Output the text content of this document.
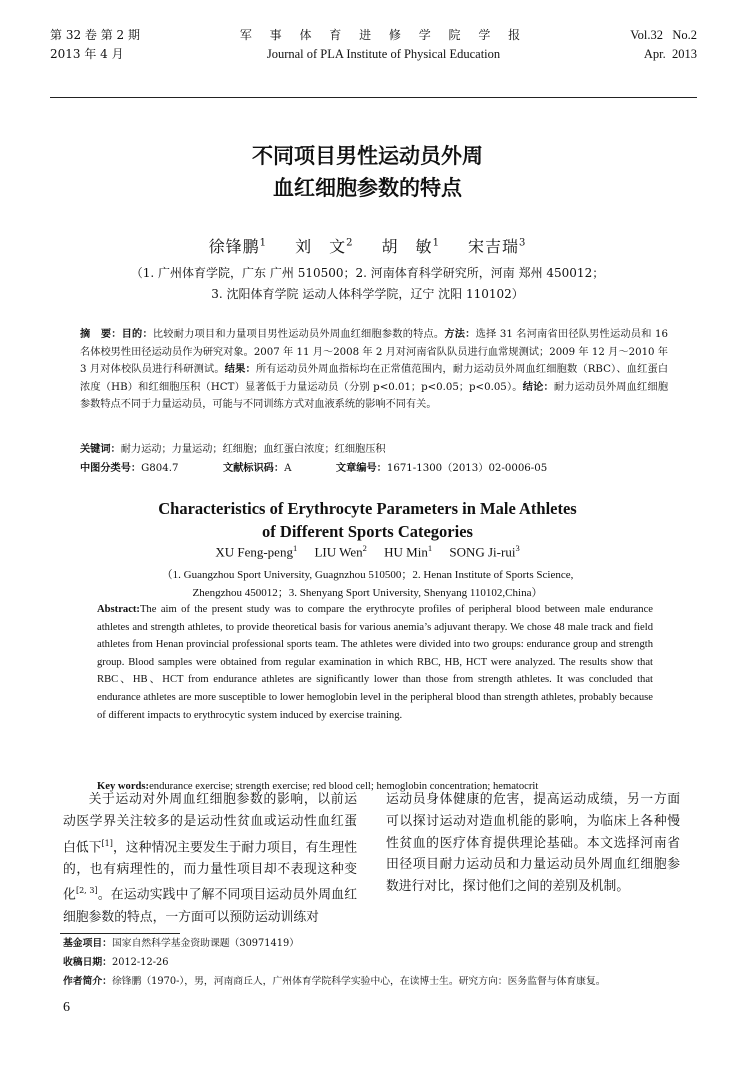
第 32 卷 第 2 期
2013 年 4 月
军 事 体 育 进 修 学 院 学 报
Journal of PLA Institute of Physical Education
Vol.32   No.2
Apr.  2013
不同项目男性运动员外周
血红细胞参数的特点
徐锋鹏$^1$ 刘　文$^2$ 胡　敏$^1$ 宋吉瑞$^3$
（1. 广州体育学院，广东 广州 510500；2. 河南体育科学研究所，河南 郑州 450012；
3. 沈阳体育学院 运动人体科学学院，辽宁 沈阳 110102）
摘　要：目的：比较耐力项目和力量项目男性运动员外周血红细胞参数的特点。方法：选择 31 名河南省田径队男性运动员和 16 名体校男性田径运动员作为研究对象。2007 年 11 月～2008 年 2 月对河南省队队员进行血常规测试；2009 年 12 月～2010 年 3 月对体校队员进行科研测试。结果：所有运动员外周血指标均在正常值范围内，耐力运动员外周血红细胞数（RBC）、血红蛋白浓度（HB）和红细胞压积（HCT）显著低于力量运动员（分别 p<0.01；p<0.05；p<0.05）。结论：耐力运动员外周血红细胞参数特点不同于力量运动员，可能与不同训练方式对血液系统的影响不同有关。
关键词：耐力运动；力量运动；红细胞；血红蛋白浓度；红细胞压积
中图分类号：G804.7	文献标识码：A	文章编号：1671-1300（2013）02-0006-05
Characteristics of Erythrocyte Parameters in Male Athletes
of Different Sports Categories
XU Feng-peng$^1$ LIU Wen$^2$ HU Min$^1$ SONG Ji-rui$^3$
（1. Guangzhou Sport University, Guagnzhou 510500；2. Henan Institute of Sports Science,
Zhengzhou 450012；3. Shenyang Sport University, Shenyang 110102,China）
Abstract:The aim of the present study was to compare the erythrocyte profiles of peripheral blood between male endurance athletes and strength athletes, to provide theoretical basis for various anemia’s adjuvant therapy. We chose 48 male track and field athletes from Henan provincial professional sports team. The athletes were divided into two groups: endurance group and strength group. Blood samples were obtained from regular examination in which RBC, HB, HCT were analyzed. The results show that RBC、HB、HCT from endurance athletes are significantly lower than those from strength athletes. It was concluded that endurance athletes are more susceptible to lower hemoglobin level in the peripheral blood than strength athletes, probably because of different impacts to erythrocytic system induced by exercise training.
Key words:endurance exercise; strength exercise; red blood cell; hemoglobin concentration; hematocrit
关于运动对外周血红细胞参数的影响，以前运动医学界关注较多的是运动性贫血或运动性血红蛋白低下[1]，这种情况主要发生于耐力项目，有生理性的，也有病理性的，而力量性项目却不表现这种变化[2, 3]。在运动实践中了解不同项目运动员外周血红细胞参数的特点，一方面可以预防运动训练对
运动员身体健康的危害，提高运动成绩，另一方面可以探讨运动对造血机能的影响，为临床上各种慢性贫血的医疗体育提供理论基础。本文选择河南省田径项目耐力运动员和力量运动员外周血红细胞参数进行对比，探讨他们之间的差别及机制。
基金项目：国家自然科学基金资助课题（30971419）
收稿日期：2012-12-26
作者简介：徐锋鹏（1970-），男，河南商丘人，广州体育学院科学实验中心，在读博士生。研究方向：医务监督与体育康复。
6
